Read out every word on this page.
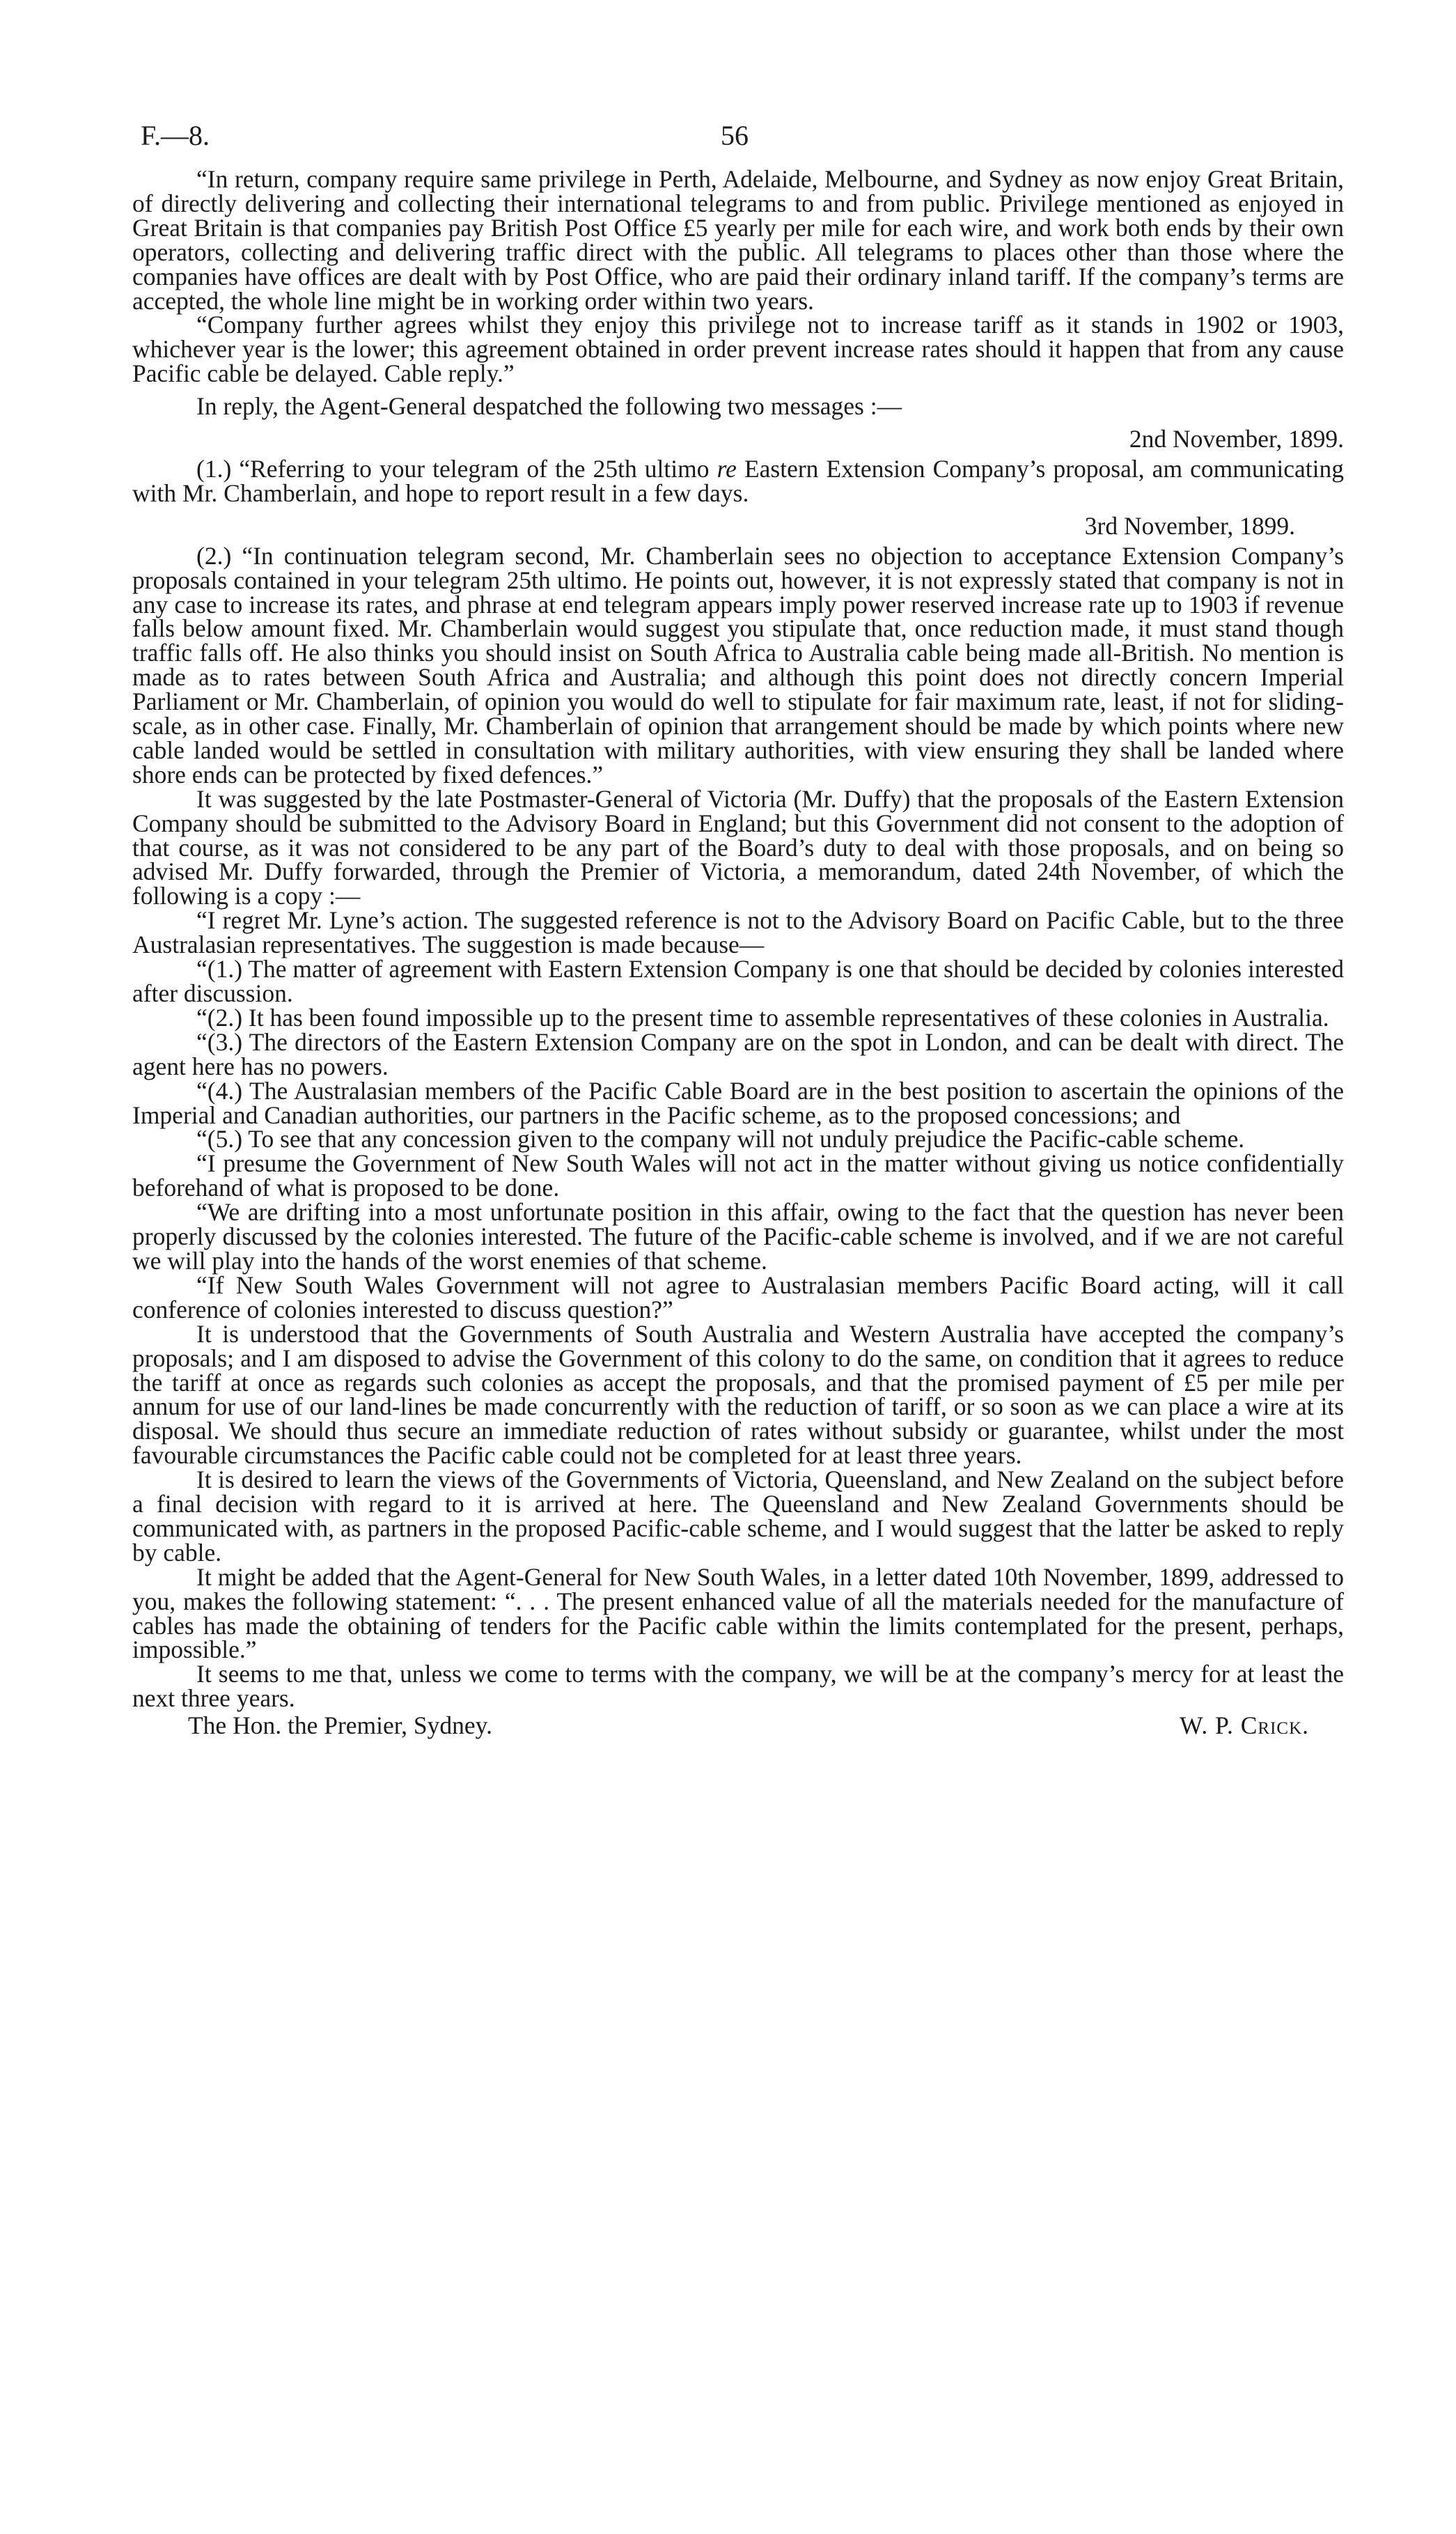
F.—8.	56

“In return, company require same privilege in Perth, Adelaide, Melbourne, and Sydney as now enjoy Great Britain, of directly delivering and collecting their international telegrams to and from public. Privilege mentioned as enjoyed in Great Britain is that companies pay British Post Office £5 yearly per mile for each wire, and work both ends by their own operators, collecting and delivering traffic direct with the public. All telegrams to places other than those where the companies have offices are dealt with by Post Office, who are paid their ordinary inland tariff. If the company’s terms are accepted, the whole line might be in working order within two years.

“Company further agrees whilst they enjoy this privilege not to increase tariff as it stands in 1902 or 1903, whichever year is the lower; this agreement obtained in order prevent increase rates should it happen that from any cause Pacific cable be delayed. Cable reply.”

In reply, the Agent-General despatched the following two messages :—

2nd November, 1899.

(1.) “Referring to your telegram of the 25th ultimo re Eastern Extension Company’s proposal, am communicating with Mr. Chamberlain, and hope to report result in a few days.

3rd November, 1899.

(2.) “In continuation telegram second, Mr. Chamberlain sees no objection to acceptance Extension Company’s proposals contained in your telegram 25th ultimo. He points out, however, it is not expressly stated that company is not in any case to increase its rates, and phrase at end telegram appears imply power reserved increase rate up to 1903 if revenue falls below amount fixed. Mr. Chamberlain would suggest you stipulate that, once reduction made, it must stand though traffic falls off. He also thinks you should insist on South Africa to Australia cable being made all-British. No mention is made as to rates between South Africa and Australia; and although this point does not directly concern Imperial Parliament or Mr. Chamberlain, of opinion you would do well to stipulate for fair maximum rate, least, if not for sliding-scale, as in other case. Finally, Mr. Chamberlain of opinion that arrangement should be made by which points where new cable landed would be settled in consultation with military authorities, with view ensuring they shall be landed where shore ends can be protected by fixed defences.”

It was suggested by the late Postmaster-General of Victoria (Mr. Duffy) that the proposals of the Eastern Extension Company should be submitted to the Advisory Board in England; but this Government did not consent to the adoption of that course, as it was not considered to be any part of the Board’s duty to deal with those proposals, and on being so advised Mr. Duffy forwarded, through the Premier of Victoria, a memorandum, dated 24th November, of which the following is a copy :—

“I regret Mr. Lyne’s action. The suggested reference is not to the Advisory Board on Pacific Cable, but to the three Australasian representatives. The suggestion is made because—

“(1.) The matter of agreement with Eastern Extension Company is one that should be decided by colonies interested after discussion.

“(2.) It has been found impossible up to the present time to assemble representatives of these colonies in Australia.

“(3.) The directors of the Eastern Extension Company are on the spot in London, and can be dealt with direct. The agent here has no powers.

“(4.) The Australasian members of the Pacific Cable Board are in the best position to ascertain the opinions of the Imperial and Canadian authorities, our partners in the Pacific scheme, as to the proposed concessions; and

“(5.) To see that any concession given to the company will not unduly prejudice the Pacific-cable scheme.

“I presume the Government of New South Wales will not act in the matter without giving us notice confidentially beforehand of what is proposed to be done.

“We are drifting into a most unfortunate position in this affair, owing to the fact that the question has never been properly discussed by the colonies interested. The future of the Pacific-cable scheme is involved, and if we are not careful we will play into the hands of the worst enemies of that scheme.

“If New South Wales Government will not agree to Australasian members Pacific Board acting, will it call conference of colonies interested to discuss question?”

It is understood that the Governments of South Australia and Western Australia have accepted the company’s proposals; and I am disposed to advise the Government of this colony to do the same, on condition that it agrees to reduce the tariff at once as regards such colonies as accept the proposals, and that the promised payment of £5 per mile per annum for use of our land-lines be made concurrently with the reduction of tariff, or so soon as we can place a wire at its disposal. We should thus secure an immediate reduction of rates without subsidy or guarantee, whilst under the most favourable circumstances the Pacific cable could not be completed for at least three years.

It is desired to learn the views of the Governments of Victoria, Queensland, and New Zealand on the subject before a final decision with regard to it is arrived at here. The Queensland and New Zealand Governments should be communicated with, as partners in the proposed Pacific-cable scheme, and I would suggest that the latter be asked to reply by cable.

It might be added that the Agent-General for New South Wales, in a letter dated 10th November, 1899, addressed to you, makes the following statement: “. . . The present enhanced value of all the materials needed for the manufacture of cables has made the obtaining of tenders for the Pacific cable within the limits contemplated for the present, perhaps, impossible.”

It seems to me that, unless we come to terms with the company, we will be at the company’s mercy for at least the next three years.

The Hon. the Premier, Sydney.	W. P. Crick.
